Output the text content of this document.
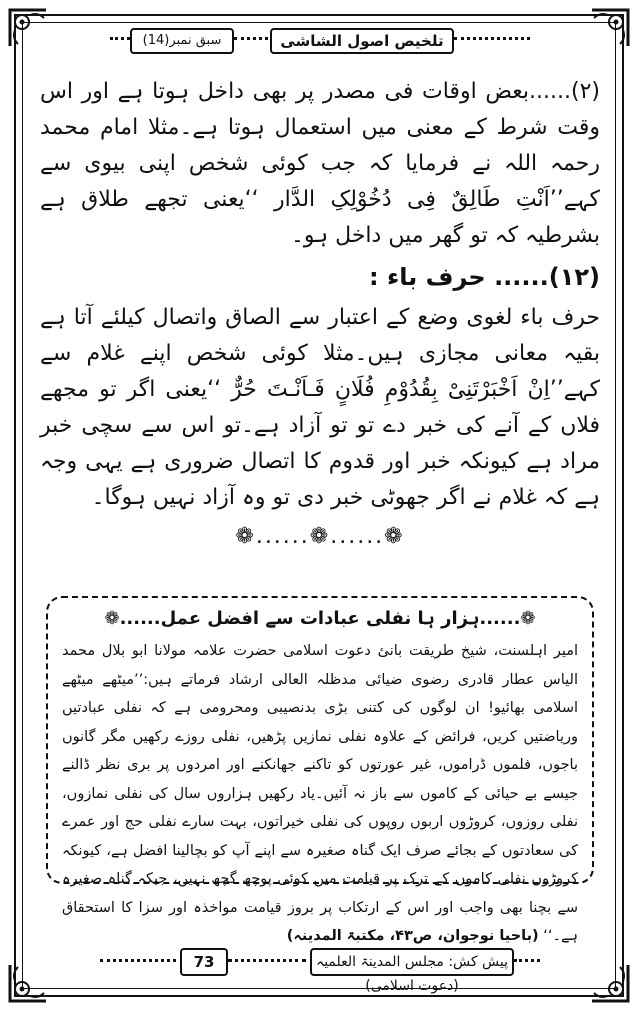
سبق نمبر(14)	تلخیص اصول الشاشی

(۲)......بعض اوقات فی مصدر پر بھی داخل ہوتا ہے اور اس وقت شرط کے معنی میں استعمال ہوتا ہے۔مثلا امام محمد رحمہ اللہ نے فرمایا کہ جب کوئی شخص اپنی بیوی سے کہے’’اَنْتِ طَالِقٌ فِی دُخُوْلِکِ الدَّار ‘‘یعنی تجھے طلاق ہے بشرطیہ کہ تو گھر میں داخل ہو۔

(۱۲)...... حرف باء :

حرف باء لغوی وضع کے اعتبار سے الصاق واتصال کیلئے آتا ہے بقیہ معانی مجازی ہیں۔مثلا کوئی شخص اپنے غلام سے کہے’’اِنْ اَخْبَرْتَنِیْ بِقُدُوْمِ فُلَانٍ فَـاَنْـتَ حُرٌّ ‘‘یعنی اگر تو مجھے فلاں کے آنے کی خبر دے تو تو آزاد ہے۔تو اس سے سچی خبر مراد ہے کیونکہ خبر اور قدوم کا اتصال ضروری ہے یہی وجہ ہے کہ غلام نے اگر جھوٹی خبر دی تو وہ آزاد نہیں ہوگا۔

❁......❁......❁
❁......ہزار ہا نفلی عبادات سے افضل عمل......❁

امیر اہلسنت، شیخ طریقت بانیٔ دعوت اسلامی حضرت علامہ مولانا ابو بلال محمد الیاس عطار قادری رضوی ضیائی مدظلہ العالی ارشاد فرماتے ہیں:’’میٹھے میٹھے اسلامی بھائیو! ان لوگوں کی کتنی بڑی بدنصیبی ومحرومی ہے کہ نفلی عبادتیں وریاضتیں کریں، فرائض کے علاوہ نفلی نمازیں پڑھیں، نفلی روزے رکھیں مگر گانوں باجوں، فلموں ڈراموں، غیر عورتوں کو تاکنے جھانکنے اور امردوں پر بری نظر ڈالنے جیسے بے حیائی کے کاموں سے باز نہ آئیں۔یاد رکھیں ہزاروں سال کی نفلی نمازوں، نفلی روزوں، کروڑوں اربوں روپوں کی نفلی خیراتوں، بہت سارے نفلی حج اور عمرے کی سعادتوں کے بجائے صرف ایک گناہ صغیرہ سے اپنے آپ کو بچالینا افضل ہے، کیونکہ کروڑوں نفلی کاموں کے ترک پر قیامت میں کوئی پوچھ گچھ نہیں، جبکہ گناہ صغیرہ سے بچنا بھی واجب اور اس کے ارتکاب پر بروز قیامت مواخذہ اور سزا کا استحقاق ہے۔‘‘ (باحیا نوجوان، ص۴۳، مکتبۃ المدینہ)

73	پیش کش: مجلس المدینۃ العلمیہ (دعوت اسلامی)
